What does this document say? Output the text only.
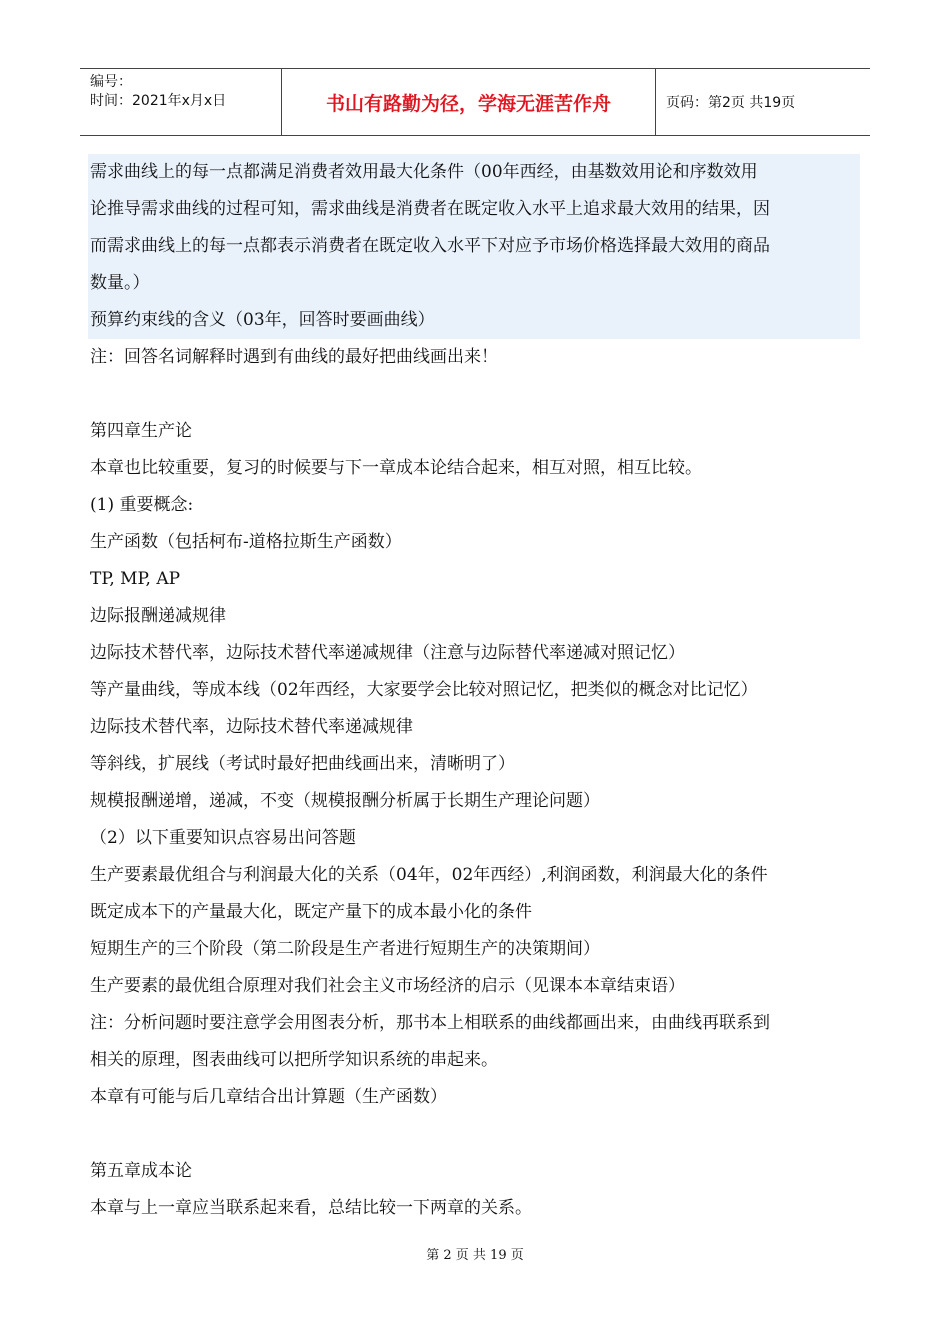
编号：
时间：2021年x月x日	书山有路勤为径，学海无涯苦作舟	页码：第2页 共19页
需求曲线上的每一点都满足消费者效用最大化条件（00年西经，由基数效用论和序数效用
论推导需求曲线的过程可知，需求曲线是消费者在既定收入水平上追求最大效用的结果，因
而需求曲线上的每一点都表示消费者在既定收入水平下对应予市场价格选择最大效用的商品
数量。）
预算约束线的含义（03年，回答时要画曲线）
注：回答名词解释时遇到有曲线的最好把曲线画出来！
第四章生产论
本章也比较重要，复习的时候要与下一章成本论结合起来，相互对照，相互比较。
(1) 重要概念:
生产函数（包括柯布-道格拉斯生产函数）
TP, MP, AP
边际报酬递减规律
边际技术替代率，边际技术替代率递减规律（注意与边际替代率递减对照记忆）
等产量曲线，等成本线（02年西经，大家要学会比较对照记忆，把类似的概念对比记忆）
边际技术替代率，边际技术替代率递减规律
等斜线，扩展线（考试时最好把曲线画出来，清晰明了）
规模报酬递增，递减，不变（规模报酬分析属于长期生产理论问题）
（2）以下重要知识点容易出问答题
生产要素最优组合与利润最大化的关系（04年，02年西经）,利润函数，利润最大化的条件
既定成本下的产量最大化，既定产量下的成本最小化的条件
短期生产的三个阶段（第二阶段是生产者进行短期生产的决策期间）
生产要素的最优组合原理对我们社会主义市场经济的启示（见课本本章结束语）
注：分析问题时要注意学会用图表分析，那书本上相联系的曲线都画出来，由曲线再联系到
相关的原理，图表曲线可以把所学知识系统的串起来。
本章有可能与后几章结合出计算题（生产函数）
第五章成本论
本章与上一章应当联系起来看，总结比较一下两章的关系。
第 2 页 共 19 页
